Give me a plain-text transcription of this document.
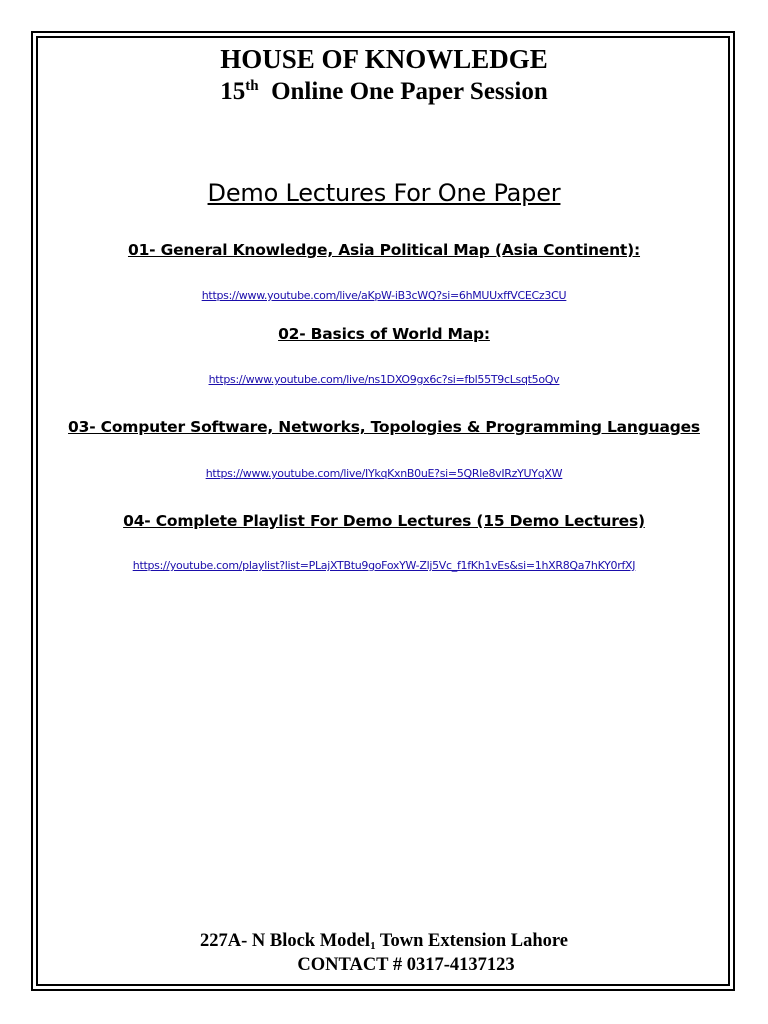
HOUSE OF KNOWLEDGE
15th Online One Paper Session
Demo Lectures For One Paper
01- General Knowledge, Asia Political Map (Asia Continent):
https://www.youtube.com/live/aKpW-iB3cWQ?si=6hMUUxffVCECz3CU
02- Basics of World Map:
https://www.youtube.com/live/ns1DXO9gx6c?si=fbl55T9cLsqt5oQv
03- Computer Software, Networks, Topologies & Programming Languages
https://www.youtube.com/live/IYkqKxnB0uE?si=5QRle8vIRzYUYqXW
04- Complete Playlist For Demo Lectures (15 Demo Lectures)
https://youtube.com/playlist?list=PLajXTBtu9goFoxYW-Zlj5Vc_f1fKh1vEs&si=1hXR8Qa7hKY0rfXJ
227A- N Block Model$_1$ Town Extension Lahore
CONTACT # 0317-4137123
